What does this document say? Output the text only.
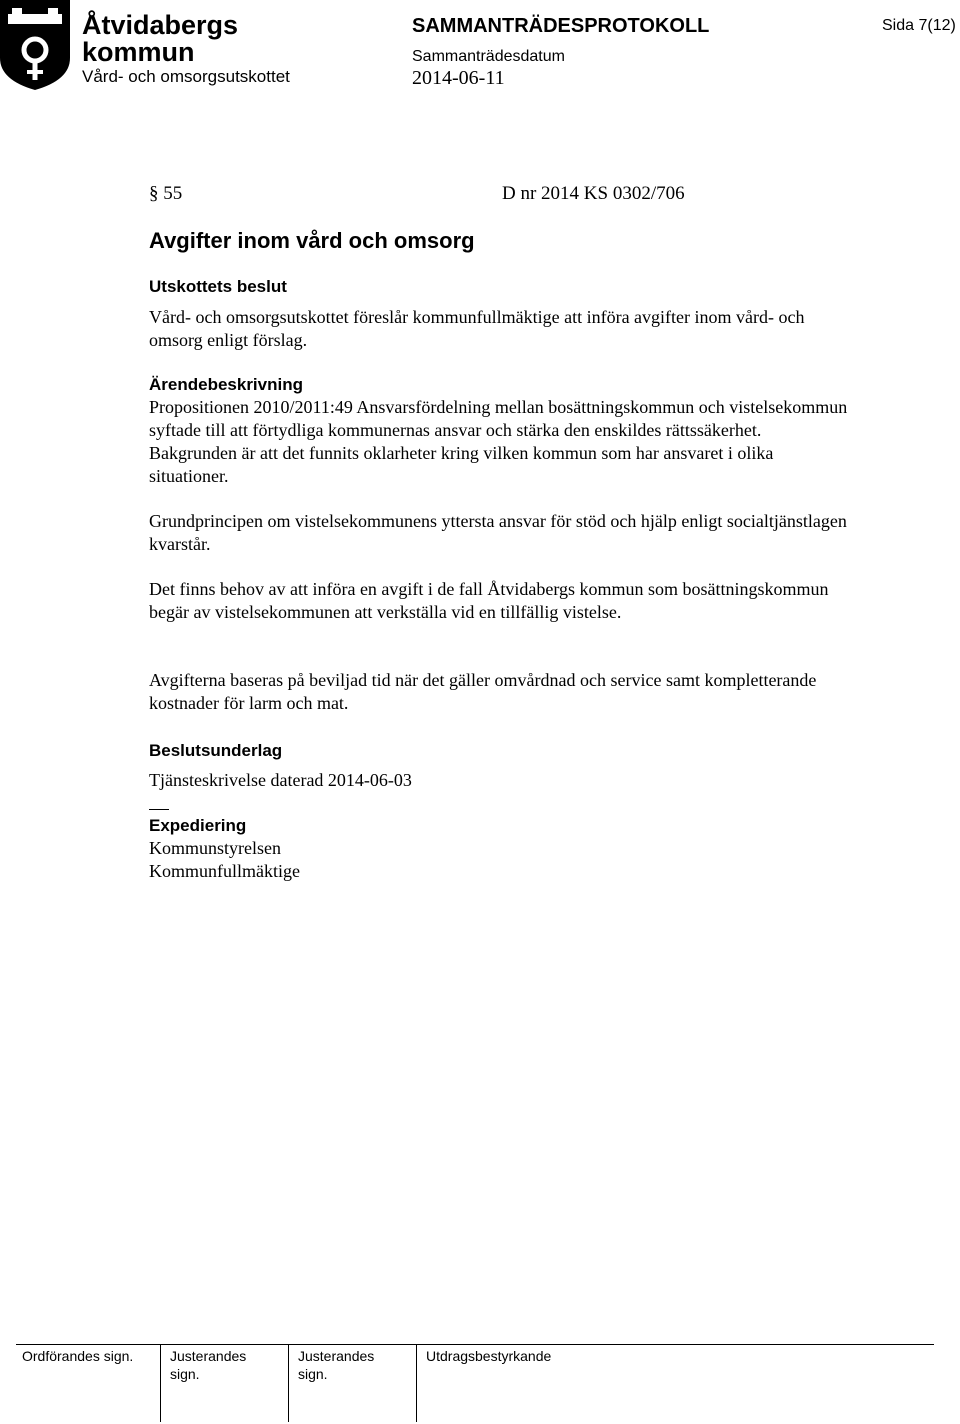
Åtvidabergs
kommun
Vård- och omsorgsutskottet
SAMMANTRÄDESPROTOKOLL
Sammanträdesdatum
2014-06-11
Sida 7(12)
§ 55	D nr 2014 KS 0302/706
Avgifter inom vård och omsorg
Utskottets beslut

Vård- och omsorgsutskottet föreslår kommunfullmäktige att införa avgifter inom vård- och omsorg enligt förslag.

Ärendebeskrivning

Propositionen 2010/2011:49 Ansvarsfördelning mellan bosättningskommun och vistelsekommun syftade till att förtydliga kommunernas ansvar och stärka den enskildes rättssäkerhet. Bakgrunden är att det funnits oklarheter kring vilken kommun som har ansvaret i olika situationer.

Grundprincipen om vistelsekommunens yttersta ansvar för stöd och hjälp enligt socialtjänstlagen kvarstår.

Det finns behov av att införa en avgift i de fall Åtvidabergs kommun som bosättningskommun begär av vistelsekommunen att verkställa vid en tillfällig vistelse.

Avgifterna baseras på beviljad tid när det gäller omvårdnad och service samt kompletterande kostnader för larm och mat.

Beslutsunderlag

Tjänsteskrivelse daterad 2014-06-03

Expediering

Kommunstyrelsen

Kommunfullmäktige

Ordförandes sign.	Justerandes
sign.
Justerandes
sign.
Utdragsbestyrkande
